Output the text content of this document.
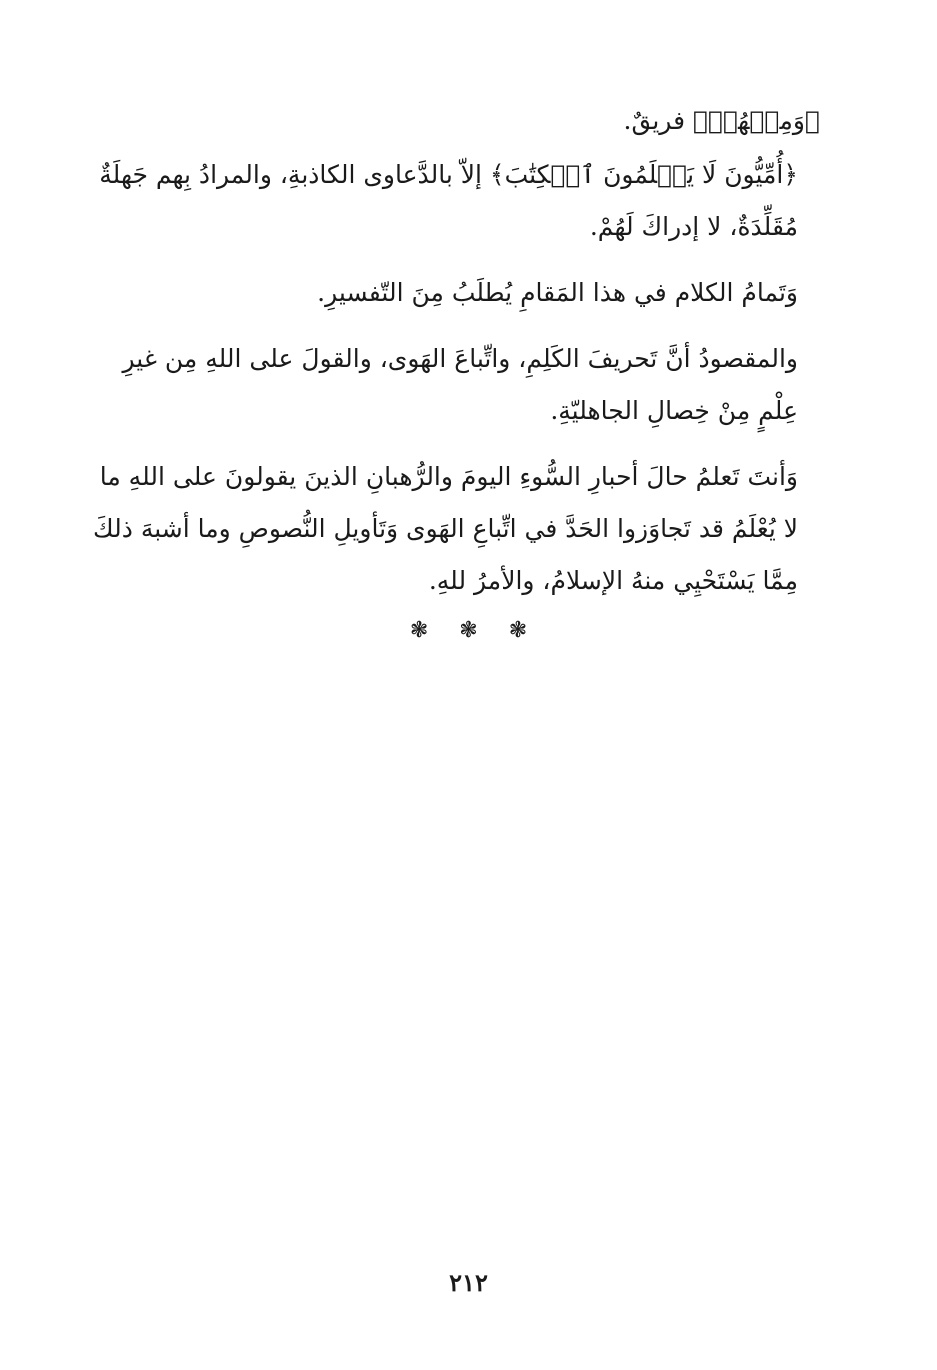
﴿وَمِنۡهُمۡ﴾ فريقٌ.

﴿أُمِّيُّونَ لَا يَعۡلَمُونَ ٱلۡكِتَٰبَ﴾ إلاّ بالدَّعاوى الكاذبةِ، والمرادُ بِهم جَهلَةٌ مُقَلِّدَةٌ، لا إدراكَ لَهُمْ.

وَتَمامُ الكلام في هذا المَقامِ يُطلَبُ مِنَ التّفسيرِ.

والمقصودُ أنَّ تَحريفَ الكَلِمِ، واتِّباعَ الهَوى، والقولَ على اللهِ مِن غيرِ عِلْمٍ مِنْ خِصالِ الجاهليّةِ.

وَأنتَ تَعلمُ حالَ أحبارِ السُّوءِ اليومَ والرُّهبانِ الذينَ يقولونَ على اللهِ ما لا يُعْلَمُ قد تَجاوَزوا الحَدَّ في اتِّباعِ الهَوى وَتَأويلِ النُّصوصِ وما أشبهَ ذلكَ مِمَّا يَسْتَحْيِي منهُ الإسلامُ، والأمرُ للهِ.

❃ ❃ ❃
٢١٢
